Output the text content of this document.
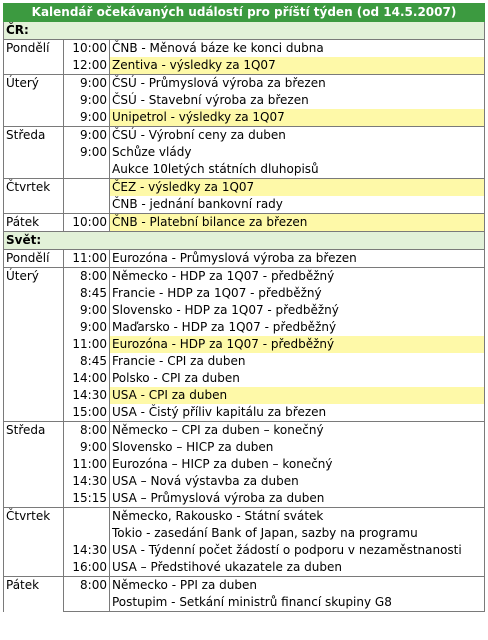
Kalendář očekávaných událostí pro příští týden (od 14.5.2007)		
ČR:		
Pondělí	10:00	ČNB - Měnová báze ke konci dubna
	12:00	Zentiva - výsledky za 1Q07
Úterý	9:00	ČSÚ - Průmyslová výroba za březen
	9:00	ČSÚ - Stavební výroba za březen
	9:00	Unipetrol - výsledky za 1Q07
Středa	9:00	ČSÚ - Výrobní ceny za duben
	9:00	Schůze vlády
		Aukce 10letých státních dluhopisů
Čtvrtek		ČEZ - výsledky za 1Q07
		ČNB - jednání bankovní rady
Pátek	10:00	ČNB - Platební bilance za březen
Svět:		
Pondělí	11:00	Eurozóna - Průmyslová výroba za březen
Úterý	8:00	Německo - HDP za 1Q07 - předběžný
	8:45	Francie - HDP za 1Q07 - předběžný
	9:00	Slovensko - HDP za 1Q07 - předběžný
	9:00	Maďarsko - HDP za 1Q07 - předběžný
	11:00	Eurozóna - HDP za 1Q07 - předběžný
	8:45	Francie - CPI za duben
	14:00	Polsko - CPI za duben
	14:30	USA - CPI za duben
	15:00	USA - Čistý příliv kapitálu za březen
Středa	8:00	Německo – CPI za duben – konečný
	9:00	Slovensko – HICP za duben
	11:00	Eurozóna – HICP za duben – konečný
	14:30	USA – Nová výstavba za duben
	15:15	USA – Průmyslová výroba za duben
Čtvrtek		Německo, Rakousko - Státní svátek
		Tokio - zasedání Bank of Japan, sazby na programu
	14:30	USA - Týdenní počet žádostí o podporu v nezaměstnanosti
	16:00	USA – Předstihové ukazatele za duben
Pátek	8:00	Německo - PPI za duben
		Postupim - Setkání ministrů financí skupiny G8
